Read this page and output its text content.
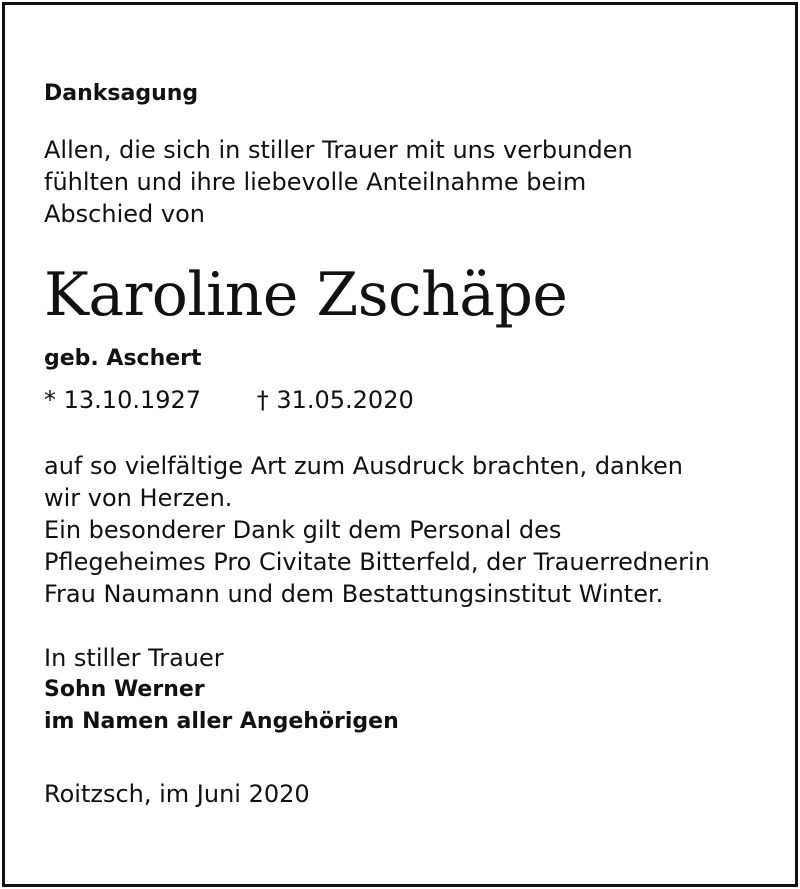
Danksagung

Allen, die sich in stiller Trauer mit uns verbunden
fühlten und ihre liebevolle Anteilnahme beim
Abschied von

Karoline Zschäpe
geb. Aschert
* 13.10.1927 † 31.05.2020

auf so vielfältige Art zum Ausdruck brachten, danken
wir von Herzen.
Ein besonderer Dank gilt dem Personal des
Pflegeheimes Pro Civitate Bitterfeld, der Trauerrednerin
Frau Naumann und dem Bestattungsinstitut Winter.

In stiller Trauer
Sohn Werner
im Namen aller Angehörigen

Roitzsch, im Juni 2020
